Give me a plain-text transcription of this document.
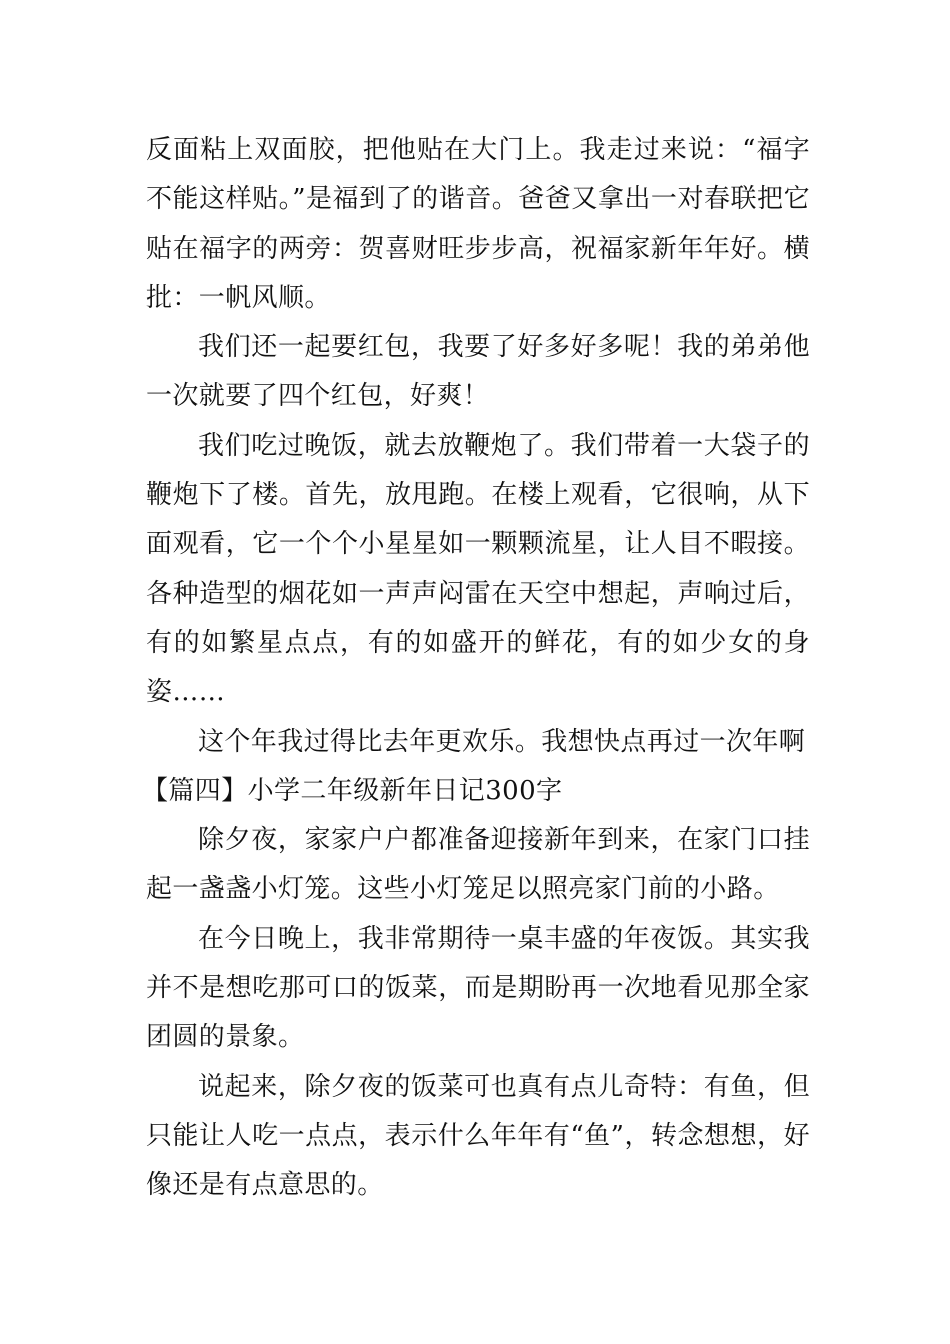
反面粘上双面胶，把他贴在大门上。我走过来说：“福字不能这样贴。”是福到了的谐音。爸爸又拿出一对春联把它贴在福字的两旁：贺喜财旺步步高，祝福家新年年好。横批：一帆风顺。

我们还一起要红包，我要了好多好多呢！我的弟弟他一次就要了四个红包，好爽！

我们吃过晚饭，就去放鞭炮了。我们带着一大袋子的鞭炮下了楼。首先，放甩跑。在楼上观看，它很响，从下面观看，它一个个小星星如一颗颗流星，让人目不暇接。各种造型的烟花如一声声闷雷在天空中想起，声响过后，有的如繁星点点，有的如盛开的鲜花，有的如少女的身姿……

这个年我过得比去年更欢乐。我想快点再过一次年啊

【篇四】小学二年级新年日记300字

除夕夜，家家户户都准备迎接新年到来，在家门口挂起一盏盏小灯笼。这些小灯笼足以照亮家门前的小路。

在今日晚上，我非常期待一桌丰盛的年夜饭。其实我并不是想吃那可口的饭菜，而是期盼再一次地看见那全家团圆的景象。

说起来，除夕夜的饭菜可也真有点儿奇特：有鱼，但只能让人吃一点点，表示什么年年有“鱼”，转念想想，好像还是有点意思的。
